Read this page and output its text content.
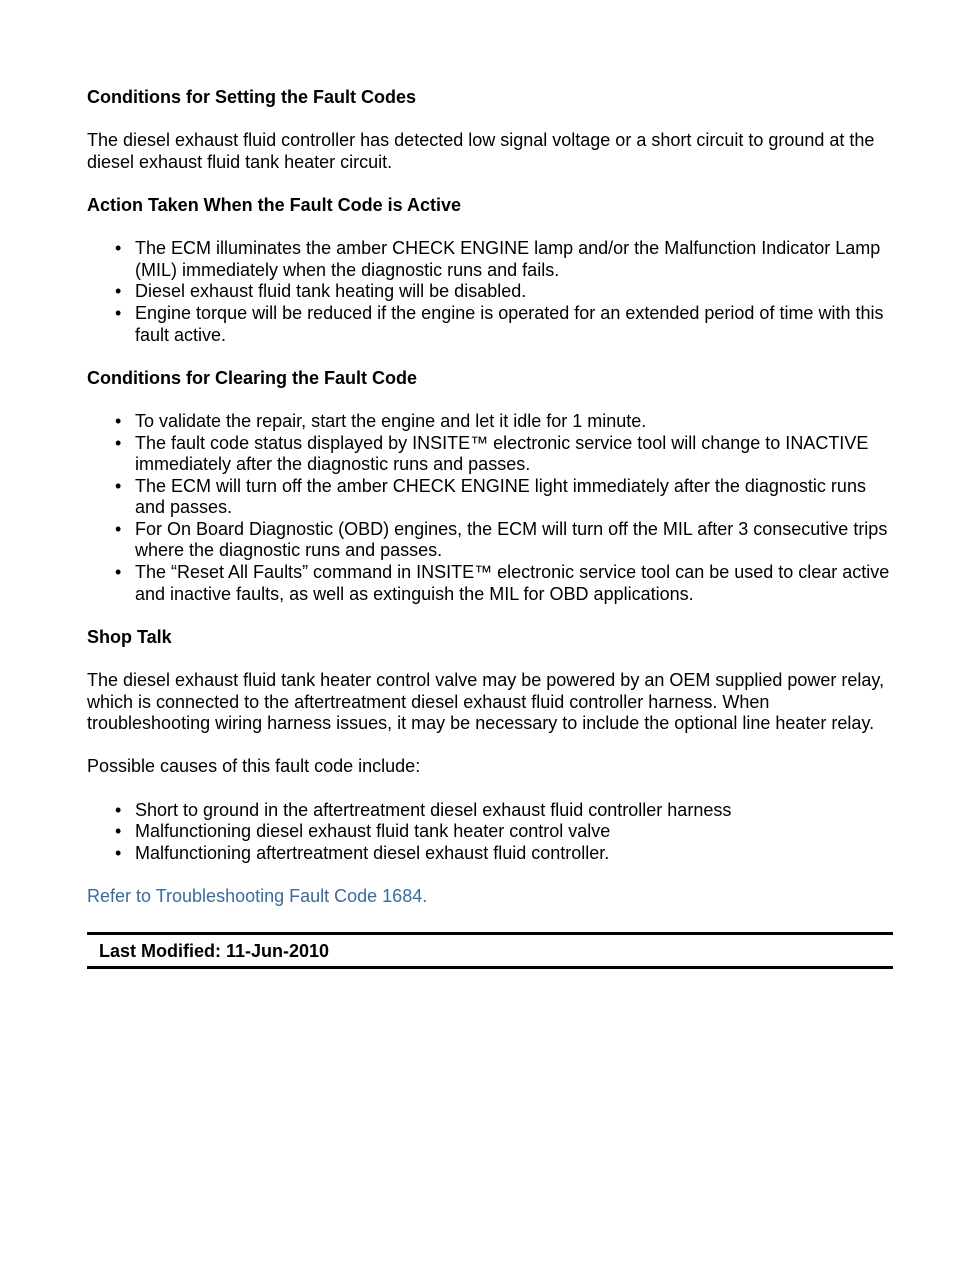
Conditions for Setting the Fault Codes

The diesel exhaust fluid controller has detected low signal voltage or a short circuit to ground at the diesel exhaust fluid tank heater circuit.

Action Taken When the Fault Code is Active
• The ECM illuminates the amber CHECK ENGINE lamp and/or the Malfunction Indicator Lamp (MIL) immediately when the diagnostic runs and fails.
• Diesel exhaust fluid tank heating will be disabled.
• Engine torque will be reduced if the engine is operated for an extended period of time with this fault active.
Conditions for Clearing the Fault Code
• To validate the repair, start the engine and let it idle for 1 minute.
• The fault code status displayed by INSITE™ electronic service tool will change to INACTIVE immediately after the diagnostic runs and passes.
• The ECM will turn off the amber CHECK ENGINE light immediately after the diagnostic runs and passes.
• For On Board Diagnostic (OBD) engines, the ECM will turn off the MIL after 3 consecutive trips where the diagnostic runs and passes.
• The “Reset All Faults” command in INSITE™ electronic service tool can be used to clear active and inactive faults, as well as extinguish the MIL for OBD applications.
Shop Talk

The diesel exhaust fluid tank heater control valve may be powered by an OEM supplied power relay, which is connected to the aftertreatment diesel exhaust fluid controller harness. When troubleshooting wiring harness issues, it may be necessary to include the optional line heater relay.

Possible causes of this fault code include:

• Short to ground in the aftertreatment diesel exhaust fluid controller harness
• Malfunctioning diesel exhaust fluid tank heater control valve
• Malfunctioning aftertreatment diesel exhaust fluid controller.

Refer to Troubleshooting Fault Code 1684.

Last Modified: 11-Jun-2010
